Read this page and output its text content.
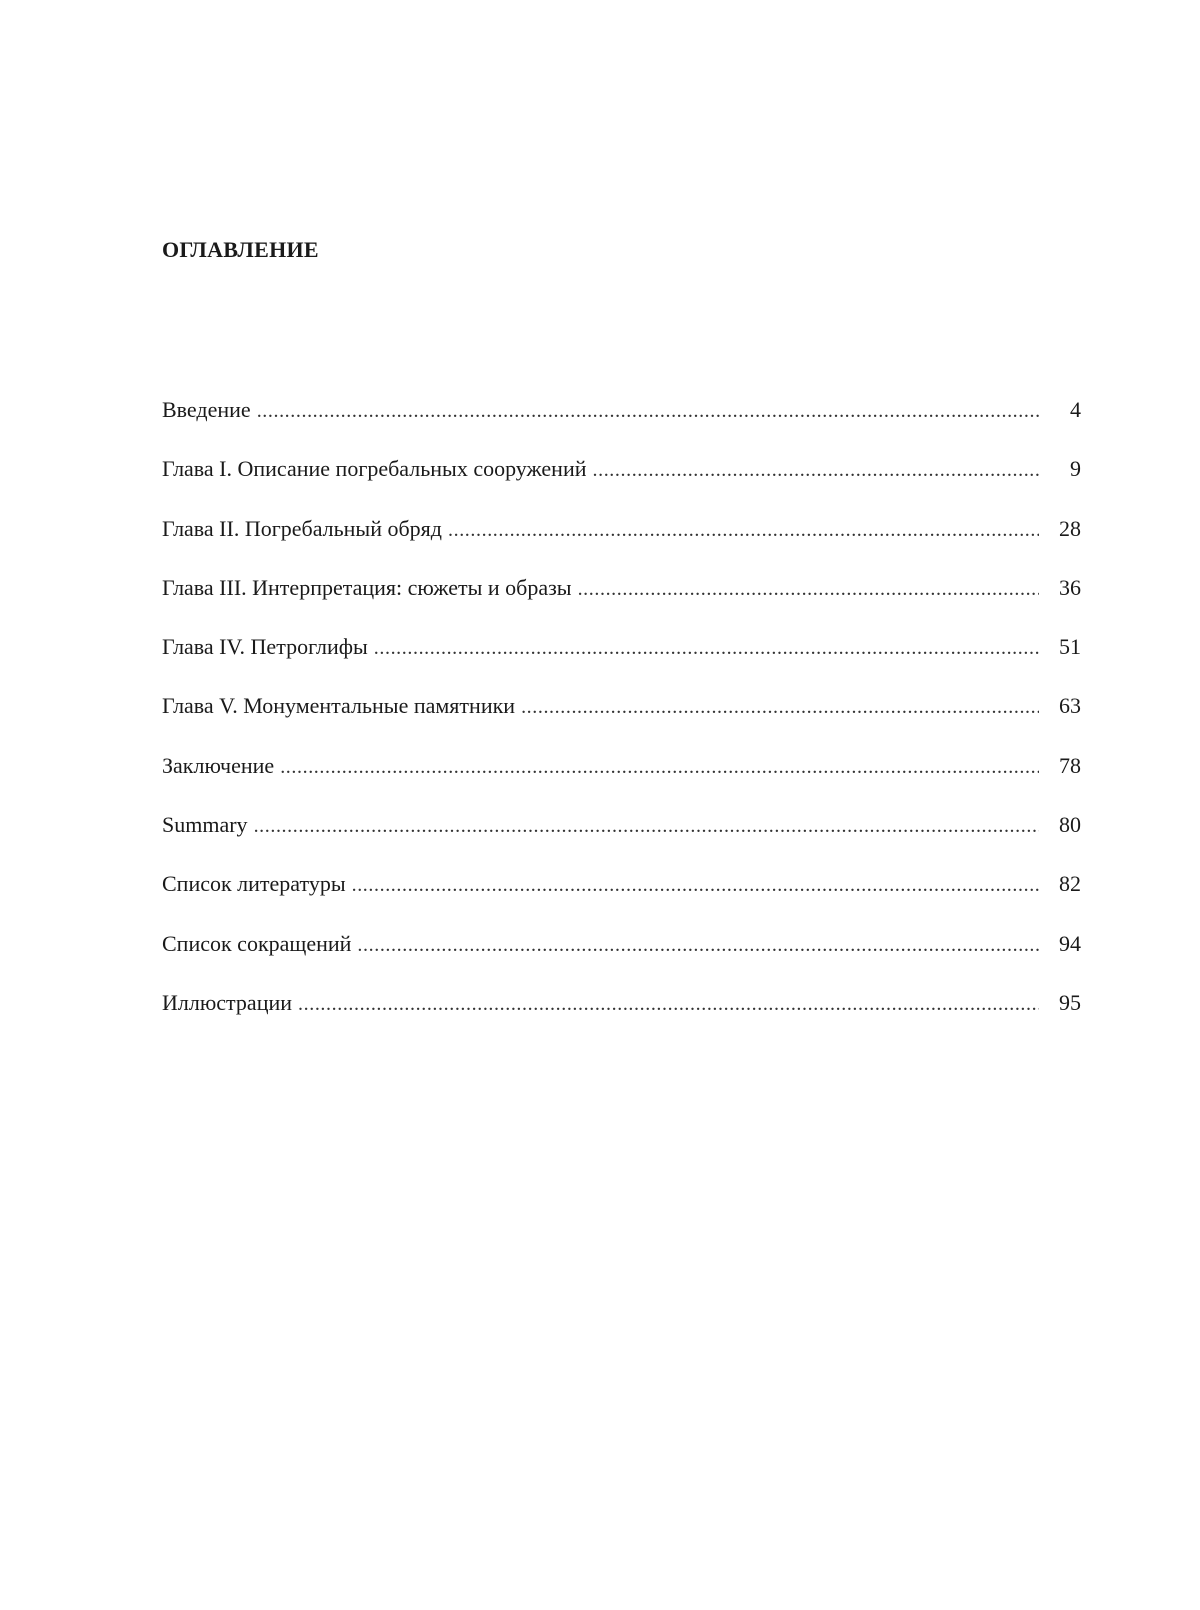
ОГЛАВЛЕНИЕ
Введение .....	4
Глава I. Описание погребальных сооружений .....	9
Глава II. Погребальный обряд .....	28
Глава III. Интерпретация: сюжеты и образы .....	36
Глава IV. Петроглифы .....	51
Глава V. Монументальные памятники .....	63
Заключение .....	78
Summary .....	80
Список литературы .....	82
Список сокращений .....	94
Иллюстрации .....	95
